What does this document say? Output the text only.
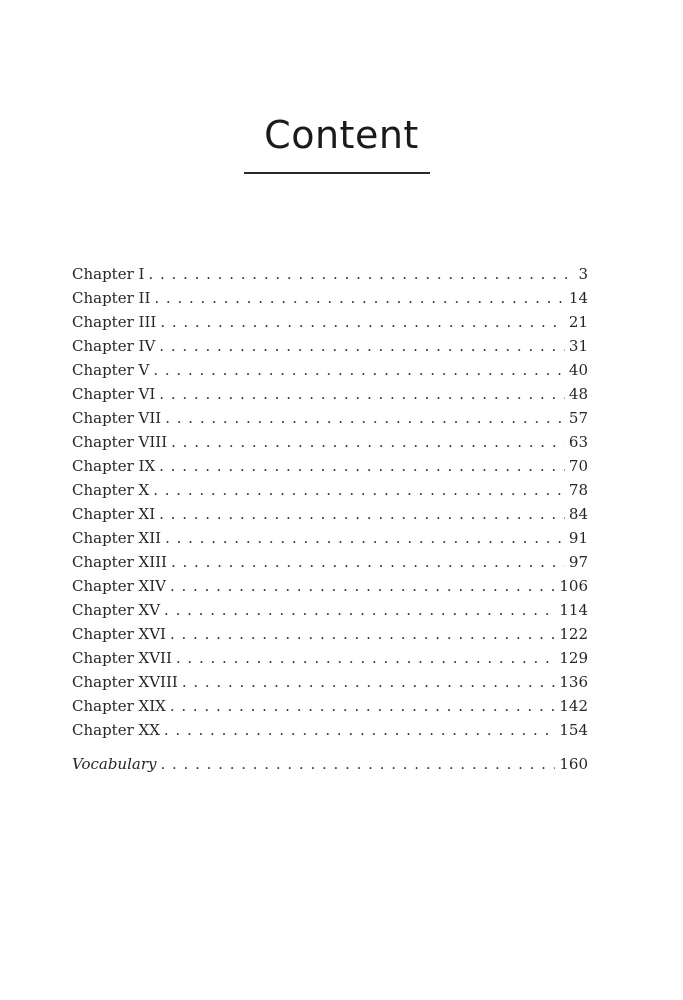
Content
Chapter I . . .	3
Chapter II . . .	14
Chapter III . . .	21
Chapter IV . . .	31
Chapter V . . .	40
Chapter VI . . .	48
Chapter VII . . .	57
Chapter VIII . . .	63
Chapter IX . . .	70
Chapter X . . .	78
Chapter XI . . .	84
Chapter XII . . .	91
Chapter XIII . . .	97
Chapter XIV . . .	106
Chapter XV . . .	114
Chapter XVI . . .	122
Chapter XVII . . .	129
Chapter XVIII . . .	136
Chapter XIX . . .	142
Chapter XX . . .	154
Vocabulary . . .	160
